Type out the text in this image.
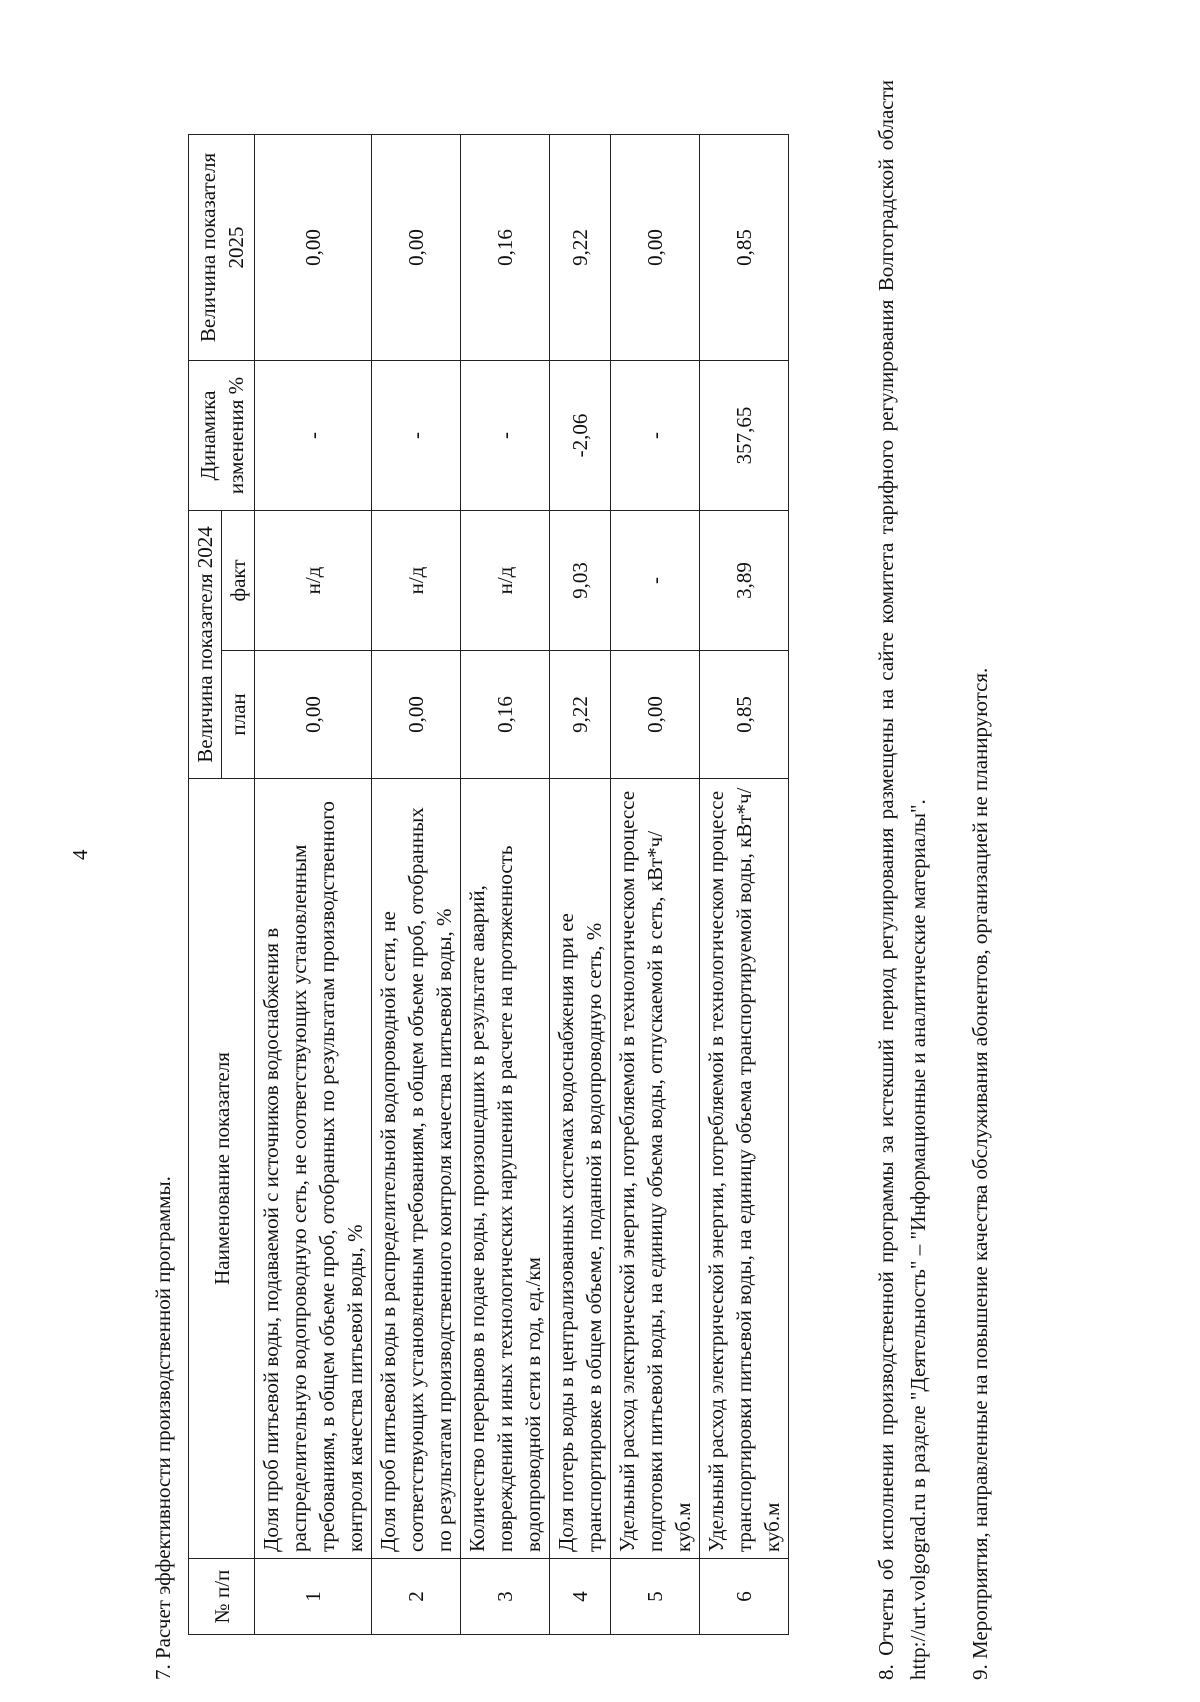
4
7. Расчет эффективности производственной программы. № п/п	Наименование показателя	Величина показателя 2024		Динамика изменения %	Величина показателя 2025
		план	факт		
1	Доля проб питьевой воды, подаваемой с источников водоснабжения в распределительную водопроводную сеть, не соответствующих установленным требованиям, в общем объеме проб, отобранных по результатам производственного контроля качества питьевой воды, %	0,00	н/д	-	0,00
2	Доля проб питьевой воды в распределительной водопроводной сети, не соответствующих установленным требованиям, в общем объеме проб, отобранных по результатам производственного контроля качества питьевой воды, %	0,00	н/д	-	0,00
3	Количество перерывов в подаче воды, произошедших в результате аварий, повреждений и иных технологических нарушений в расчете на протяженность водопроводной сети в год, ед./км	0,16	н/д	-	0,16
4	Доля потерь воды в централизованных системах водоснабжения при ее транспортировке в общем объеме, поданной в водопроводную сеть, %	9,22	9,03	-2,06	9,22
5	Удельный расход электрической энергии, потребляемой в технологическом процессе подготовки питьевой воды, на единицу объема воды, отпускаемой в сеть, кВт*ч/куб.м	0,00	-	-	0,00
6	Удельный расход электрической энергии, потребляемой в технологическом процессе транспортировки питьевой воды, на единицу объема транспортируемой воды, кВт*ч/куб.м	0,85	3,89	357,65	0,85	8. Отчеты об исполнении производственной программы за истекший период регулирования размещены на сайте комитета тарифного регулирования Волгоградской области http://urt.volgograd.ru в разделе "Деятельность" – "Информационные и аналитические материалы". 9. Мероприятия, направленные на повышение качества обслуживания абонентов, организацией не планируются.
